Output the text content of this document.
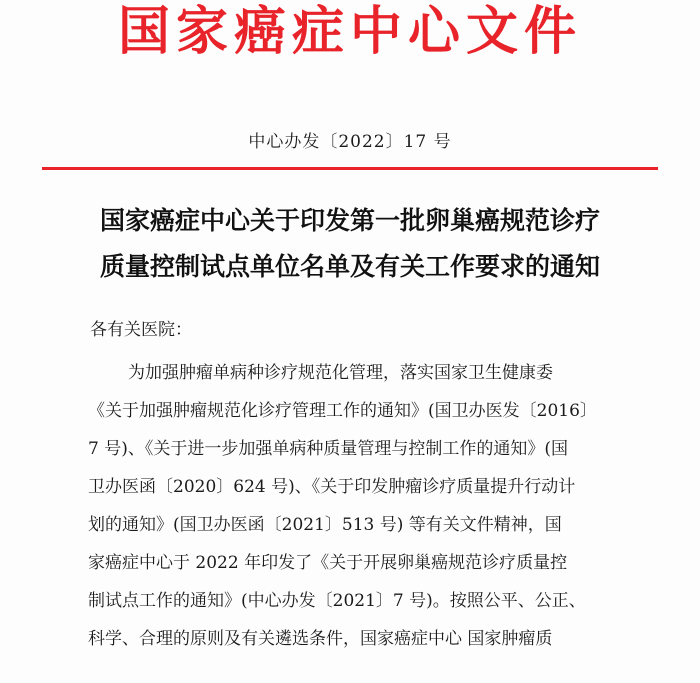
国家癌症中心文件
中心办发〔2022〕17 号
国家癌症中心关于印发第一批卵巢癌规范诊疗
质量控制试点单位名单及有关工作要求的通知
各有关医院：
为加强肿瘤单病种诊疗规范化管理，落实国家卫生健康委
《关于加强肿瘤规范化诊疗管理工作的通知》(国卫办医发〔2016〕
7 号)、《关于进一步加强单病种质量管理与控制工作的通知》(国
卫办医函〔2020〕624 号)、《关于印发肿瘤诊疗质量提升行动计
划的通知》(国卫办医函〔2021〕513 号) 等有关文件精神，国
家癌症中心于 2022 年印发了《关于开展卵巢癌规范诊疗质量控
制试点工作的通知》(中心办发〔2021〕7 号)。按照公平、公正、
科学、合理的原则及有关遴选条件，国家癌症中心 国家肿瘤质
